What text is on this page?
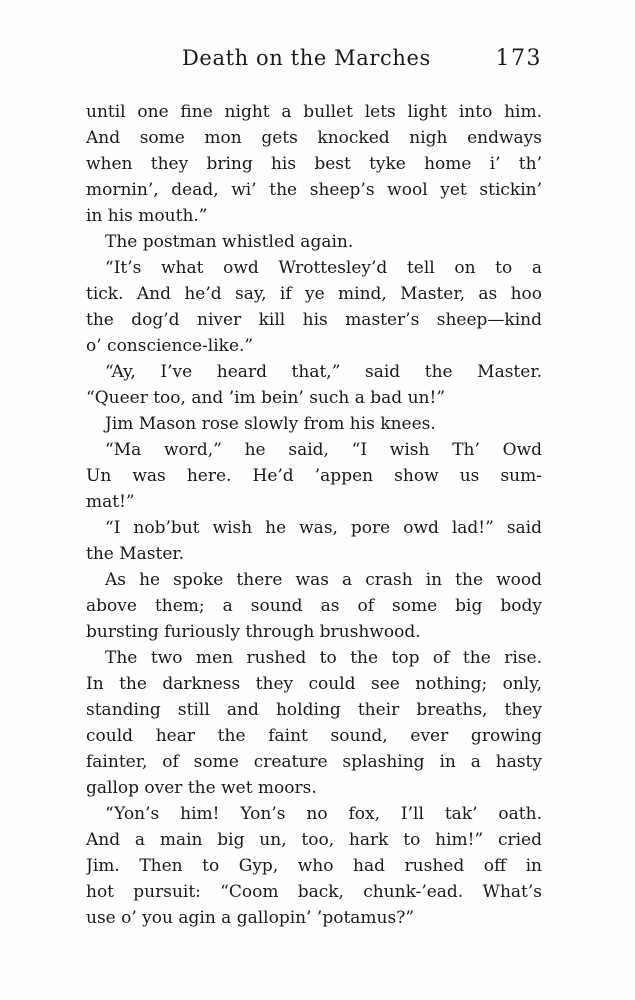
Death on the Marches	173
until one fine night a bullet lets light into him.
And some mon gets knocked nigh endways
when they bring his best tyke home i’ th’
mornin’, dead, wi’ the sheep’s wool yet stickin’
in his mouth.”
The postman whistled again.
“It’s what owd Wrottesley’d tell on to a
tick. And he’d say, if ye mind, Master, as hoo
the dog’d niver kill his master’s sheep—kind
o’ conscience-like.”
“Ay, I’ve heard that,” said the Master.
“Queer too, and ’im bein’ such a bad un!”
Jim Mason rose slowly from his knees.
“Ma word,” he said, “I wish Th’ Owd
Un was here. He’d ’appen show us sum-
mat!”
“I nob’but wish he was, pore owd lad!” said
the Master.
As he spoke there was a crash in the wood
above them; a sound as of some big body
bursting furiously through brushwood.
The two men rushed to the top of the rise.
In the darkness they could see nothing; only,
standing still and holding their breaths, they
could hear the faint sound, ever growing
fainter, of some creature splashing in a hasty
gallop over the wet moors.
“Yon’s him! Yon’s no fox, I’ll tak’ oath.
And a main big un, too, hark to him!” cried
Jim. Then to Gyp, who had rushed off in
hot pursuit: “Coom back, chunk-’ead. What’s
use o’ you agin a gallopin’ ’potamus?”
